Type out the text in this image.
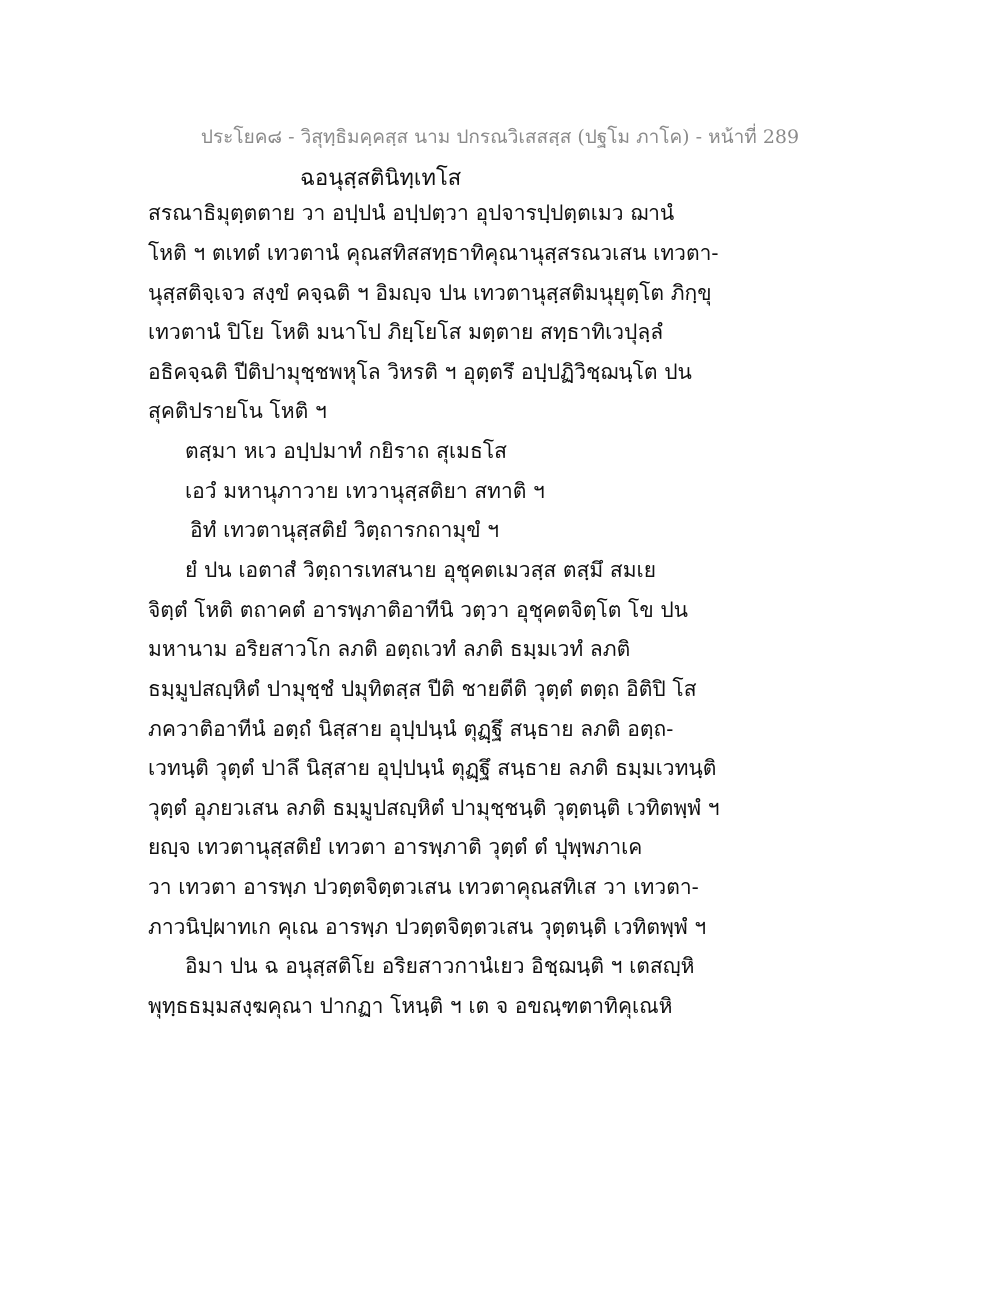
ประโยค๘ - วิสุทฺธิมคฺคสฺส นาม ปกรณวิเสสสฺส (ปฐโม ภาโค) - หน้าที่ 289
ฉอนุสฺสตินิทฺเทโส
สรณาธิมุตฺตตาย วา อปฺปนํ อปฺปตฺวา อุปจารปฺปตฺตเมว ฌานํ
โหติ ฯ ตเทตํ เทวตานํ คุณสทิสสทฺธาทิคุณานุสฺสรณวเสน เทวตา-
นุสฺสติจฺเจว สงฺขํ คจฺฉติ ฯ อิมญฺจ ปน เทวตานุสฺสติมนุยุตฺโต ภิกฺขุ
เทวตานํ ปิโย โหติ มนาโป ภิยฺโยโส มตฺตาย สทฺธาทิเวปุลฺลํ
อธิคจฺฉติ ปีติปามุชฺชพหุโล วิหรติ ฯ อุตฺตรึ อปฺปฏิวิชฺฌนฺโต ปน
สุคติปรายโน โหติ ฯ
ตสฺมา หเว อปฺปมาทํ กยิราถ สุเมธโส
เอวํ มหานุภาวาย เทวานุสฺสติยา สทาติ ฯ
อิทํ เทวตานุสฺสติยํ วิตฺถารกถามุขํ ฯ
ยํ ปน เอตาสํ วิตฺถารเทสนาย อุชุคตเมวสฺส ตสฺมึ สมเย
จิตฺตํ โหติ ตถาคตํ อารพฺภาติอาทีนิ วตฺวา อุชุคตจิตฺโต โข ปน
มหานาม อริยสาวโก ลภติ อตฺถเวทํ ลภติ ธมฺมเวทํ ลภติ
ธมฺมูปสญฺหิตํ ปามุชฺชํ ปมุทิตสฺส ปีติ ชายตีติ วุตฺตํ ตตฺถ อิติปิ โส
ภควาติอาทีนํ อตฺถํ นิสฺสาย อุปฺปนฺนํ ตุฏฺฐึ สนฺธาย ลภติ อตฺถ-
เวทนฺติ วุตฺตํ ปาลึ นิสฺสาย อุปฺปนฺนํ ตุฏฺฐึ สนฺธาย ลภติ ธมฺมเวทนฺติ
วุตฺตํ อุภยวเสน ลภติ ธมฺมูปสญฺหิตํ ปามุชฺชนฺติ วุตฺตนฺติ เวทิตพฺพํ ฯ
ยญฺจ เทวตานุสฺสติยํ เทวตา อารพฺภาติ วุตฺตํ ตํ ปุพฺพภาเค
วา เทวตา อารพฺภ ปวตฺตจิตฺตวเสน เทวตาคุณสทิเส วา เทวตา-
ภาวนิปฺผาทเก คุเณ อารพฺภ ปวตฺตจิตฺตวเสน วุตฺตนฺติ เวทิตพฺพํ ฯ
อิมา ปน ฉ อนุสฺสติโย อริยสาวกานํเยว อิชฺฌนฺติ ฯ เตสญฺหิ
พุทฺธธมฺมสงฺฆคุณา ปากฏา โหนฺติ ฯ เต จ อขณฺฑตาทิคุเณหิ
